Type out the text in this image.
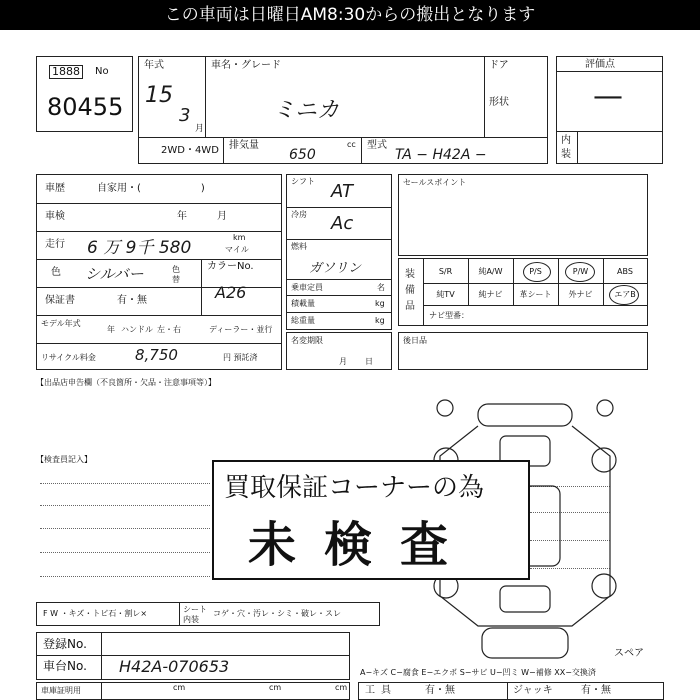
この車両は日曜日AM8:30からの搬出となります
1888	No
80455
年式
15
3
月
車名・グレード
ミニカ
ドア
形状
2WD・4WD 排気量	cc
650
型式
TA − H42A −
評価点
—
内
装
車歴	自家用・(　　　　　　)
車検	年　　　月
走行 6 万 9千 580
km
マイル
色 シルバー	色替
カラーNo.
A26
保証書	有・無
モデル年式
年 ハンドル 左・右	ディーラー・並行
リサイクル料金	8,750	円 預託済
シフト AT
冷房 Ac
燃料
ガソリン
乗車定員	名
積載量	kg
総重量	kg
名変期限
月日
セールスポイント
装備品
S/R	純A/W	P/S	P/W	ABS
純TV	純ナビ	革シート	外ナビ	エアB
ナビ型番：
後日品
【出品店申告欄（不良箇所・欠品・注意事項等）】
【検査員記入】
買取保証コーナーの為
未検査
F W ・キズ・トビ石・割レ×	シート内装
コゲ・穴・汚レ・シミ・破レ・スレ
登録No.
車台No. H42A-070653
車庫証明用	cm	cm	cm
スペア
A−キズ C−腐食 E−エクボ S−サビ U−凹ミ W−補修 XX−交換済
工具	有・無	ジャッキ	有・無
